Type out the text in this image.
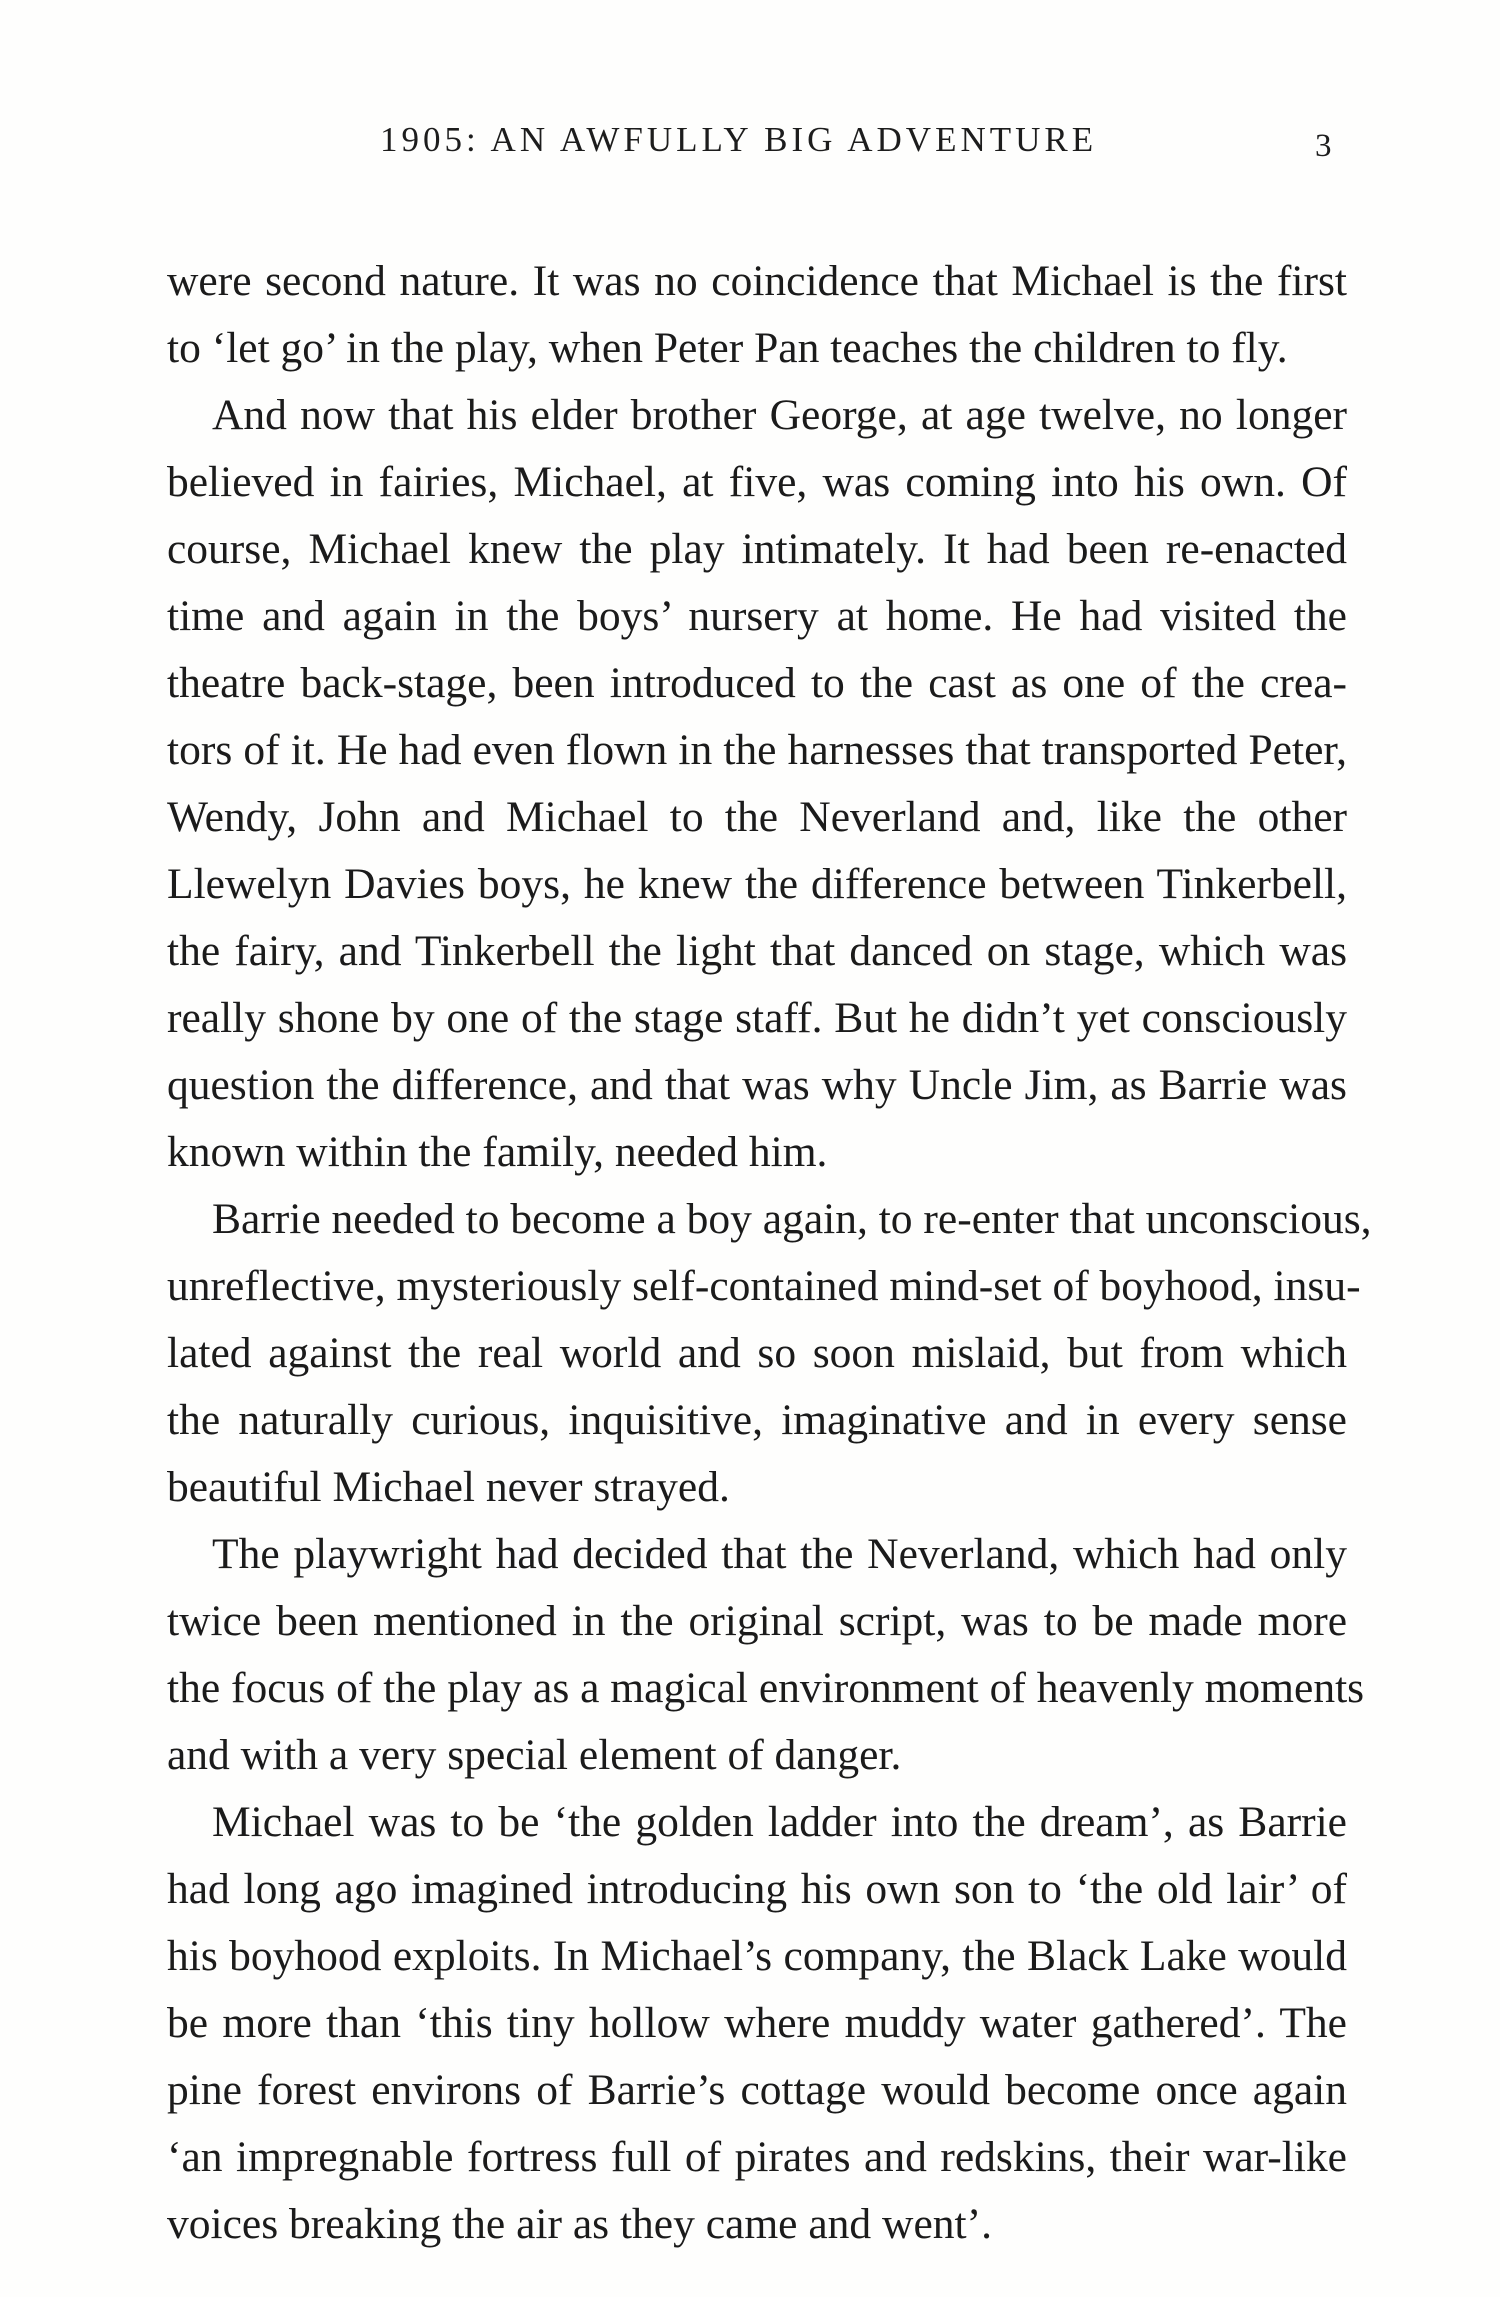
1905: AN AWFULLY BIG ADVENTURE	3
were second nature. It was no coincidence that Michael is the first
to ‘let go’ in the play, when Peter Pan teaches the children to fly.
And now that his elder brother George, at age twelve, no longer
believed in fairies, Michael, at five, was coming into his own. Of
course, Michael knew the play intimately. It had been re-enacted
time and again in the boys’ nursery at home. He had visited the
theatre back-stage, been introduced to the cast as one of the crea-
tors of it. He had even flown in the harnesses that transported Peter,
Wendy, John and Michael to the Neverland and, like the other
Llewelyn Davies boys, he knew the difference between Tinkerbell,
the fairy, and Tinkerbell the light that danced on stage, which was
really shone by one of the stage staff. But he didn’t yet consciously
question the difference, and that was why Uncle Jim, as Barrie was
known within the family, needed him.
Barrie needed to become a boy again, to re-enter that unconscious,
unreflective, mysteriously self-contained mind-set of boyhood, insu-
lated against the real world and so soon mislaid, but from which
the naturally curious, inquisitive, imaginative and in every sense
beautiful Michael never strayed.
The playwright had decided that the Neverland, which had only
twice been mentioned in the original script, was to be made more
the focus of the play as a magical environment of heavenly moments
and with a very special element of danger.
Michael was to be ‘the golden ladder into the dream’, as Barrie
had long ago imagined introducing his own son to ‘the old lair’ of
his boyhood exploits. In Michael’s company, the Black Lake would
be more than ‘this tiny hollow where muddy water gathered’. The
pine forest environs of Barrie’s cottage would become once again
‘an impregnable fortress full of pirates and redskins, their war-like
voices breaking the air as they came and went’.
